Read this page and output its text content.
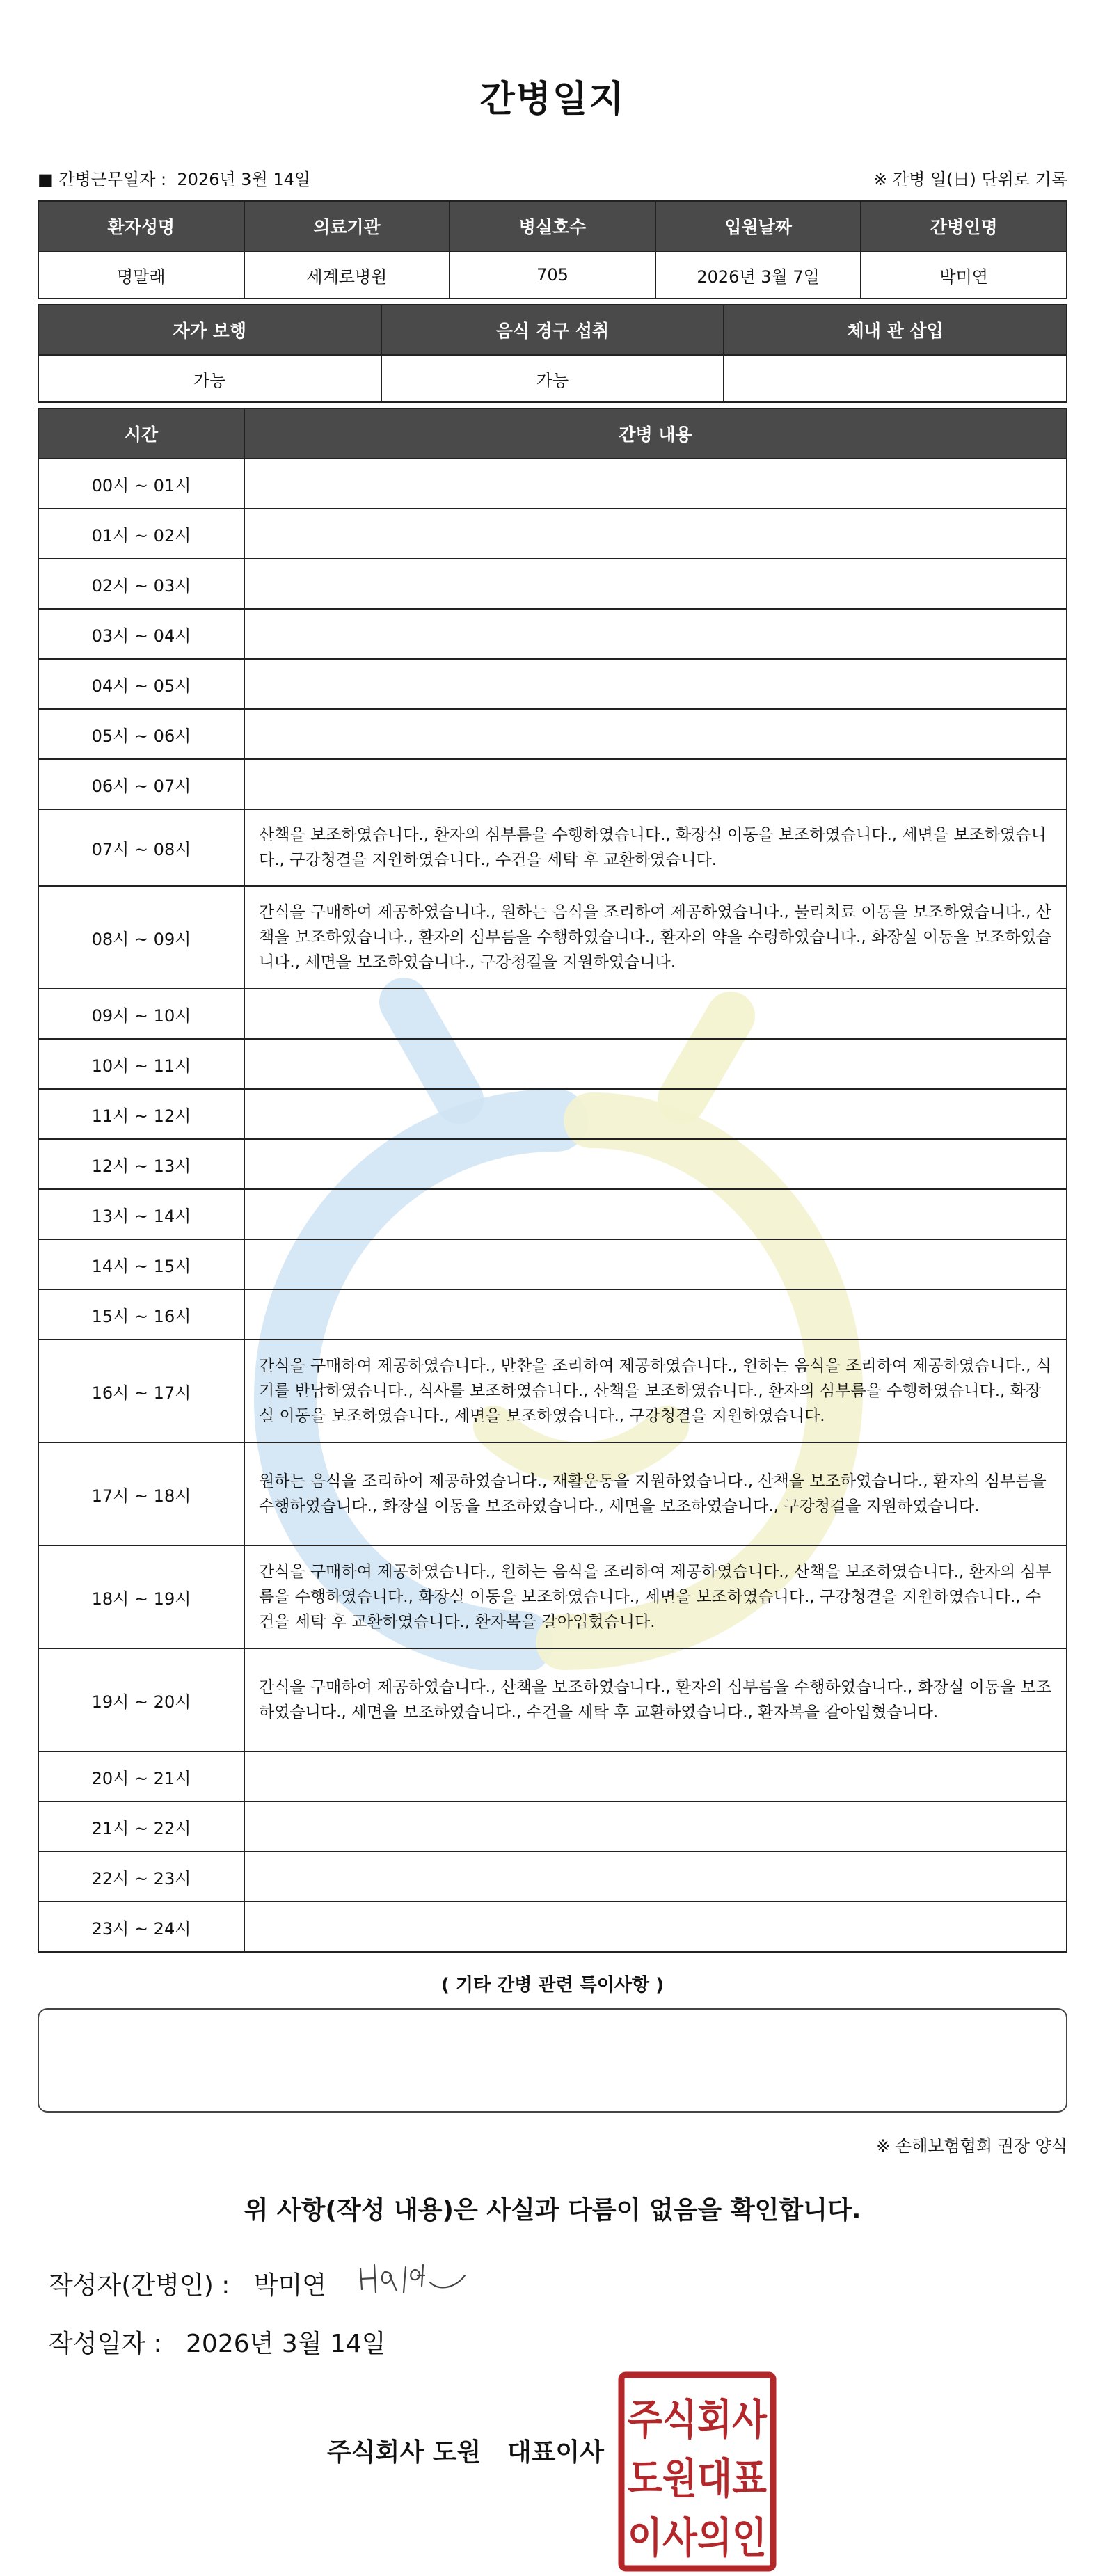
간병일지
■ 간병근무일자 : 2026년 3월 14일	※ 간병 일(日) 단위로 기록
환자성명	의료기관	병실호수	입원날짜	간병인명
명말래	세계로병원	705	2026년 3월 7일	박미연
자가 보행	음식 경구 섭취	체내 관 삽입
가능	가능	
시간	간병 내용
00시 ~ 01시	
01시 ~ 02시	
02시 ~ 03시	
03시 ~ 04시	
04시 ~ 05시	
05시 ~ 06시	
06시 ~ 07시	
07시 ~ 08시	산책을 보조하였습니다., 환자의 심부름을 수행하였습니다., 화장실 이동을 보조하였습니다., 세면을 보조하였습니다., 구강청결을 지원하였습니다., 수건을 세탁 후 교환하였습니다.
08시 ~ 09시	간식을 구매하여 제공하였습니다., 원하는 음식을 조리하여 제공하였습니다., 물리치료 이동을 보조하였습니다., 산책을 보조하였습니다., 환자의 심부름을 수행하였습니다., 환자의 약을 수령하였습니다., 화장실 이동을 보조하였습니다., 세면을 보조하였습니다., 구강청결을 지원하였습니다.
09시 ~ 10시	
10시 ~ 11시	
11시 ~ 12시	
12시 ~ 13시	
13시 ~ 14시	
14시 ~ 15시	
15시 ~ 16시	
16시 ~ 17시	간식을 구매하여 제공하였습니다., 반찬을 조리하여 제공하였습니다., 원하는 음식을 조리하여 제공하였습니다., 식기를 반납하였습니다., 식사를 보조하였습니다., 산책을 보조하였습니다., 환자의 심부름을 수행하였습니다., 화장실 이동을 보조하였습니다., 세면을 보조하였습니다., 구강청결을 지원하였습니다.
17시 ~ 18시	원하는 음식을 조리하여 제공하였습니다., 재활운동을 지원하였습니다., 산책을 보조하였습니다., 환자의 심부름을 수행하였습니다., 화장실 이동을 보조하였습니다., 세면을 보조하였습니다., 구강청결을 지원하였습니다.
18시 ~ 19시	간식을 구매하여 제공하였습니다., 원하는 음식을 조리하여 제공하였습니다., 산책을 보조하였습니다., 환자의 심부름을 수행하였습니다., 화장실 이동을 보조하였습니다., 세면을 보조하였습니다., 구강청결을 지원하였습니다., 수건을 세탁 후 교환하였습니다., 환자복을 갈아입혔습니다.
19시 ~ 20시	간식을 구매하여 제공하였습니다., 산책을 보조하였습니다., 환자의 심부름을 수행하였습니다., 화장실 이동을 보조하였습니다., 세면을 보조하였습니다., 수건을 세탁 후 교환하였습니다., 환자복을 갈아입혔습니다.
20시 ~ 21시	
21시 ~ 22시	
22시 ~ 23시	
23시 ~ 24시	
( 기타 간병 관련 특이사항 )
※ 손해보험협회 권장 양식
위 사항(작성 내용)은 사실과 다름이 없음을 확인합니다.
작성자(간병인) : 박미연
작성일자 : 2026년 3월 14일
주식회사 도원 대표이사
주식회사
도원대표
이사의인
